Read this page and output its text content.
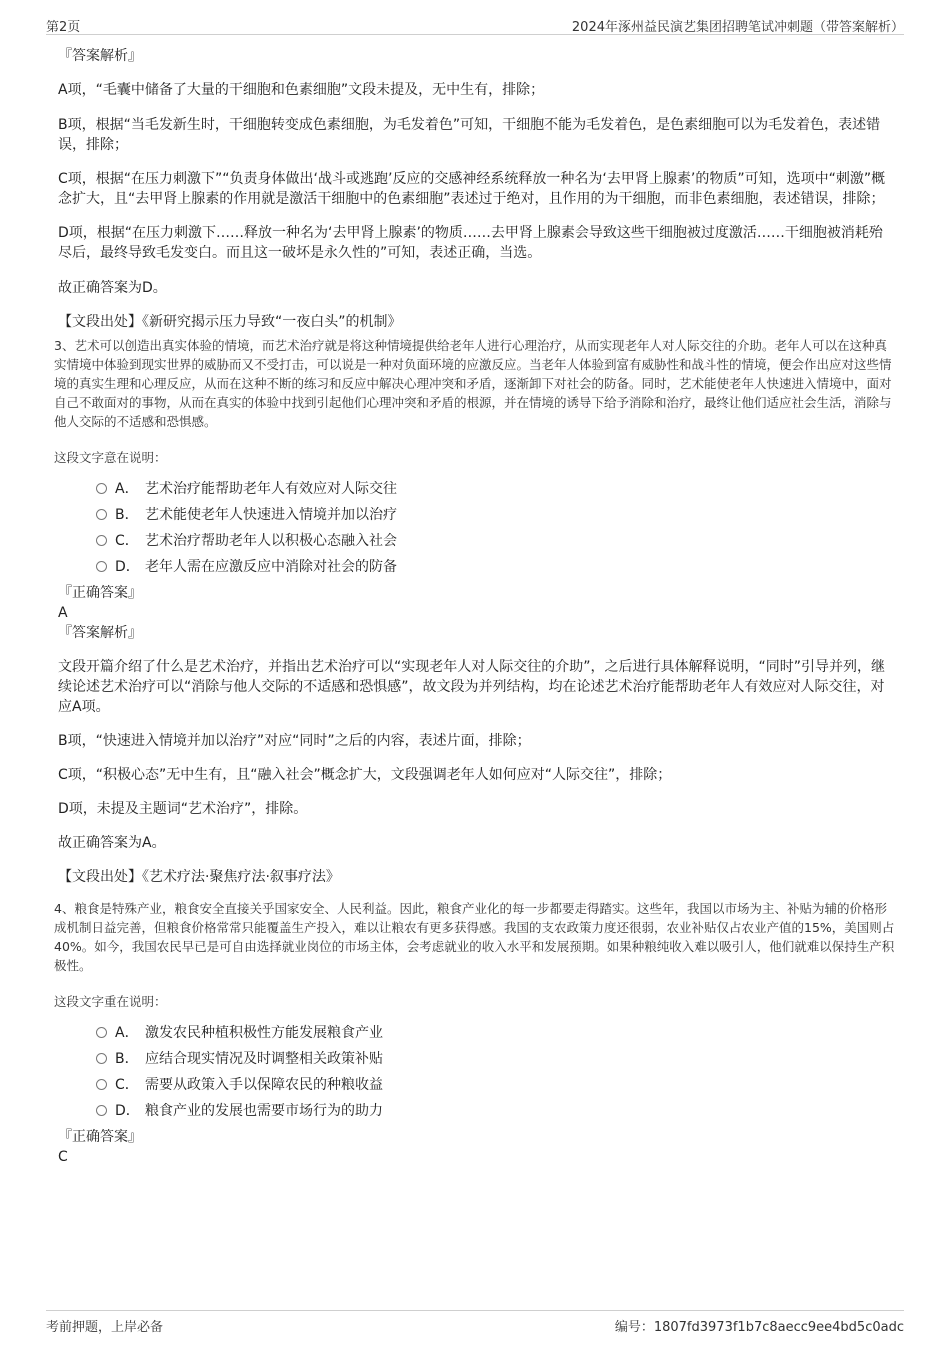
第2页	2024年涿州益民演艺集团招聘笔试冲刺题（带答案解析）
『答案解析』
A项，“毛囊中储备了大量的干细胞和色素细胞”文段未提及，无中生有，排除；
B项，根据“当毛发新生时，干细胞转变成色素细胞，为毛发着色”可知，干细胞不能为毛发着色，是色素细胞可以为毛发着色，表述错误，排除；
C项，根据“在压力刺激下”“负责身体做出‘战斗或逃跑’反应的交感神经系统释放一种名为‘去甲肾上腺素’的物质”可知，选项中“刺激”概念扩大，且“去甲肾上腺素的作用就是激活干细胞中的色素细胞”表述过于绝对，且作用的为干细胞，而非色素细胞，表述错误，排除；
D项，根据“在压力刺激下……释放一种名为‘去甲肾上腺素’的物质……去甲肾上腺素会导致这些干细胞被过度激活……干细胞被消耗殆尽后，最终导致毛发变白。而且这一破坏是永久性的”可知，表述正确，当选。
故正确答案为D。
【文段出处】《新研究揭示压力导致“一夜白头”的机制》
3、艺术可以创造出真实体验的情境，而艺术治疗就是将这种情境提供给老年人进行心理治疗，从而实现老年人对人际交往的介助。老年人可以在这种真实情境中体验到现实世界的威胁而又不受打击，可以说是一种对负面环境的应激反应。当老年人体验到富有威胁性和战斗性的情境，便会作出应对这些情境的真实生理和心理反应，从而在这种不断的练习和反应中解决心理冲突和矛盾，逐渐卸下对社会的防备。同时，艺术能使老年人快速进入情境中，面对自己不敢面对的事物，从而在真实的体验中找到引起他们心理冲突和矛盾的根源，并在情境的诱导下给予消除和治疗，最终让他们适应社会生活，消除与他人交际的不适感和恐惧感。
这段文字意在说明：
A． 艺术治疗能帮助老年人有效应对人际交往
B． 艺术能使老年人快速进入情境并加以治疗
C． 艺术治疗帮助老年人以积极心态融入社会
D． 老年人需在应激反应中消除对社会的防备
『正确答案』
A
『答案解析』
文段开篇介绍了什么是艺术治疗，并指出艺术治疗可以“实现老年人对人际交往的介助”，之后进行具体解释说明，“同时”引导并列，继续论述艺术治疗可以“消除与他人交际的不适感和恐惧感”，故文段为并列结构，均在论述艺术治疗能帮助老年人有效应对人际交往，对应A项。
B项，“快速进入情境并加以治疗”对应“同时”之后的内容，表述片面，排除；
C项，“积极心态”无中生有，且“融入社会”概念扩大，文段强调老年人如何应对“人际交往”，排除；
D项，未提及主题词“艺术治疗”，排除。
故正确答案为A。
【文段出处】《艺术疗法·聚焦疗法·叙事疗法》
4、粮食是特殊产业，粮食安全直接关乎国家安全、人民利益。因此，粮食产业化的每一步都要走得踏实。这些年，我国以市场为主、补贴为辅的价格形成机制日益完善，但粮食价格常常只能覆盖生产投入，难以让粮农有更多获得感。我国的支农政策力度还很弱，农业补贴仅占农业产值的15%，美国则占40%。如今，我国农民早已是可自由选择就业岗位的市场主体，会考虑就业的收入水平和发展预期。如果种粮纯收入难以吸引人，他们就难以保持生产积极性。
这段文字重在说明：
A． 激发农民种植积极性方能发展粮食产业
B． 应结合现实情况及时调整相关政策补贴
C． 需要从政策入手以保障农民的种粮收益
D． 粮食产业的发展也需要市场行为的助力
『正确答案』
C
考前押题，上岸必备	编号：1807fd3973f1b7c8aecc9ee4bd5c0adc
